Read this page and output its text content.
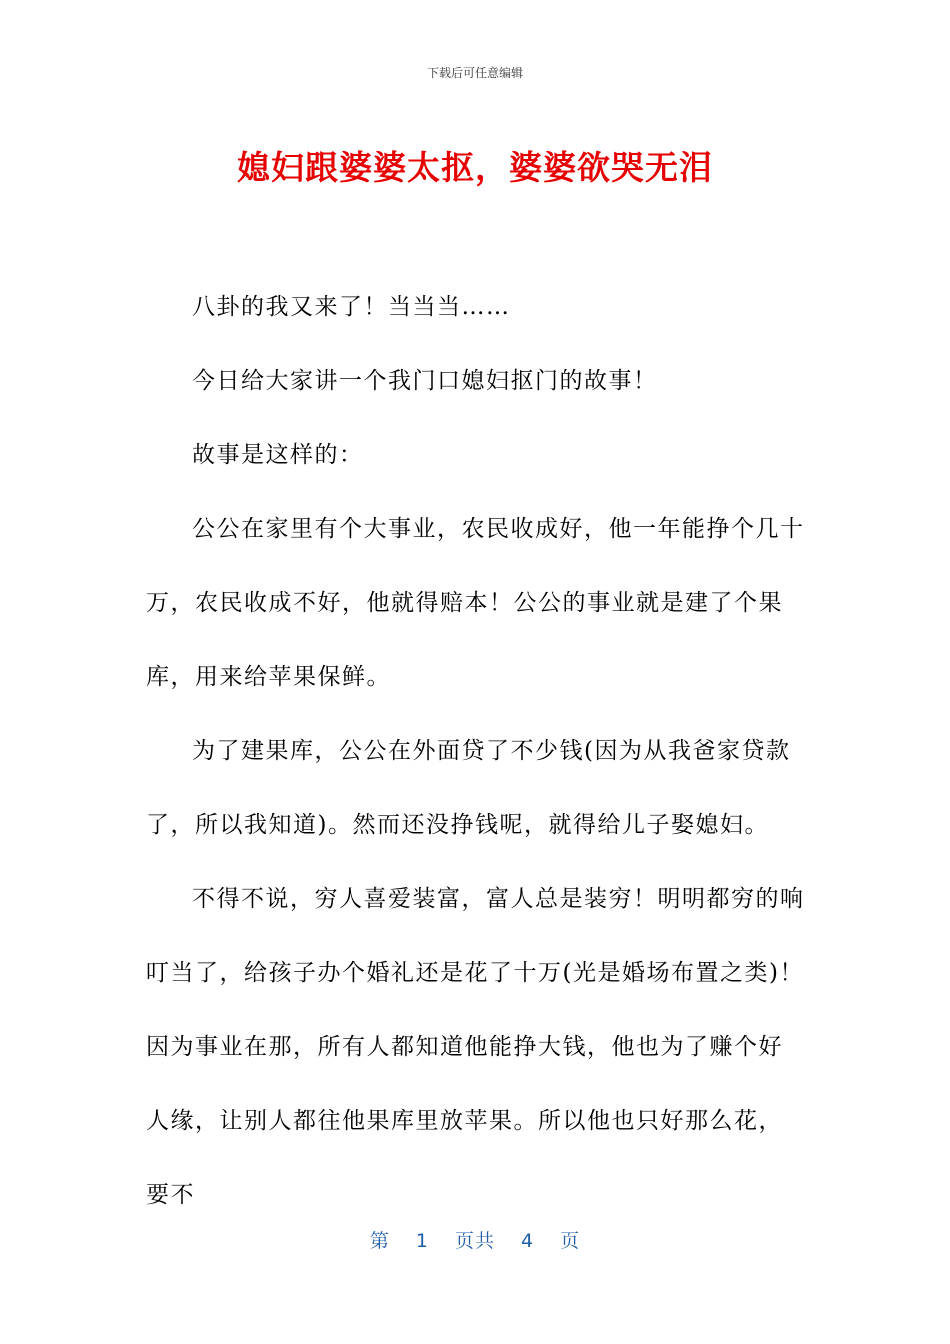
下载后可任意编辑
媳妇跟婆婆太抠，婆婆欲哭无泪

八卦的我又来了！当当当……

今日给大家讲一个我门口媳妇抠门的故事！

故事是这样的：

公公在家里有个大事业，农民收成好，他一年能挣个几十万，农民收成不好，他就得赔本！公公的事业就是建了个果库，用来给苹果保鲜。

为了建果库，公公在外面贷了不少钱(因为从我爸家贷款了，所以我知道)。然而还没挣钱呢，就得给儿子娶媳妇。

不得不说，穷人喜爱装富，富人总是装穷！明明都穷的响叮当了，给孩子办个婚礼还是花了十万(光是婚场布置之类)！

因为事业在那，所有人都知道他能挣大钱，他也为了赚个好人缘，让别人都往他果库里放苹果。所以他也只好那么花，要不

第 1 页共 4 页
